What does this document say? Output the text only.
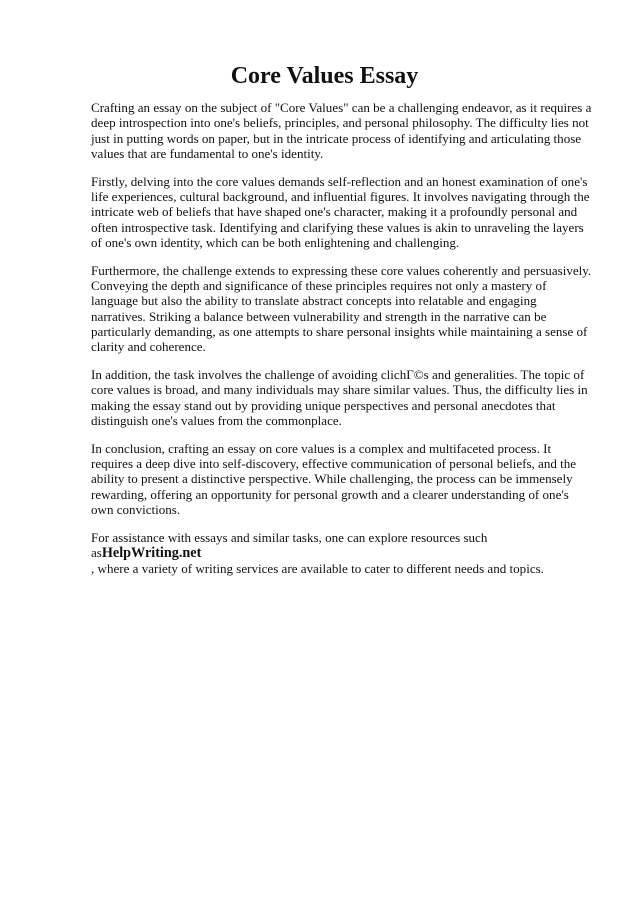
Core Values Essay

Crafting an essay on the subject of "Core Values" can be a challenging endeavor, as it requires a deep introspection into one's beliefs, principles, and personal philosophy. The difficulty lies not just in putting words on paper, but in the intricate process of identifying and articulating those values that are fundamental to one's identity.

Firstly, delving into the core values demands self-reflection and an honest examination of one's life experiences, cultural background, and influential figures. It involves navigating through the intricate web of beliefs that have shaped one's character, making it a profoundly personal and often introspective task. Identifying and clarifying these values is akin to unraveling the layers of one's own identity, which can be both enlightening and challenging.

Furthermore, the challenge extends to expressing these core values coherently and persuasively. Conveying the depth and significance of these principles requires not only a mastery of language but also the ability to translate abstract concepts into relatable and engaging narratives. Striking a balance between vulnerability and strength in the narrative can be particularly demanding, as one attempts to share personal insights while maintaining a sense of clarity and coherence.

In addition, the task involves the challenge of avoiding clichГ©s and generalities. The topic of core values is broad, and many individuals may share similar values. Thus, the difficulty lies in making the essay stand out by providing unique perspectives and personal anecdotes that distinguish one's values from the commonplace.

In conclusion, crafting an essay on core values is a complex and multifaceted process. It requires a deep dive into self-discovery, effective communication of personal beliefs, and the ability to present a distinctive perspective. While challenging, the process can be immensely rewarding, offering an opportunity for personal growth and a clearer understanding of one's own convictions.

For assistance with essays and similar tasks, one can explore resources such asHelpWriting.net
, where a variety of writing services are available to cater to different needs and topics.
